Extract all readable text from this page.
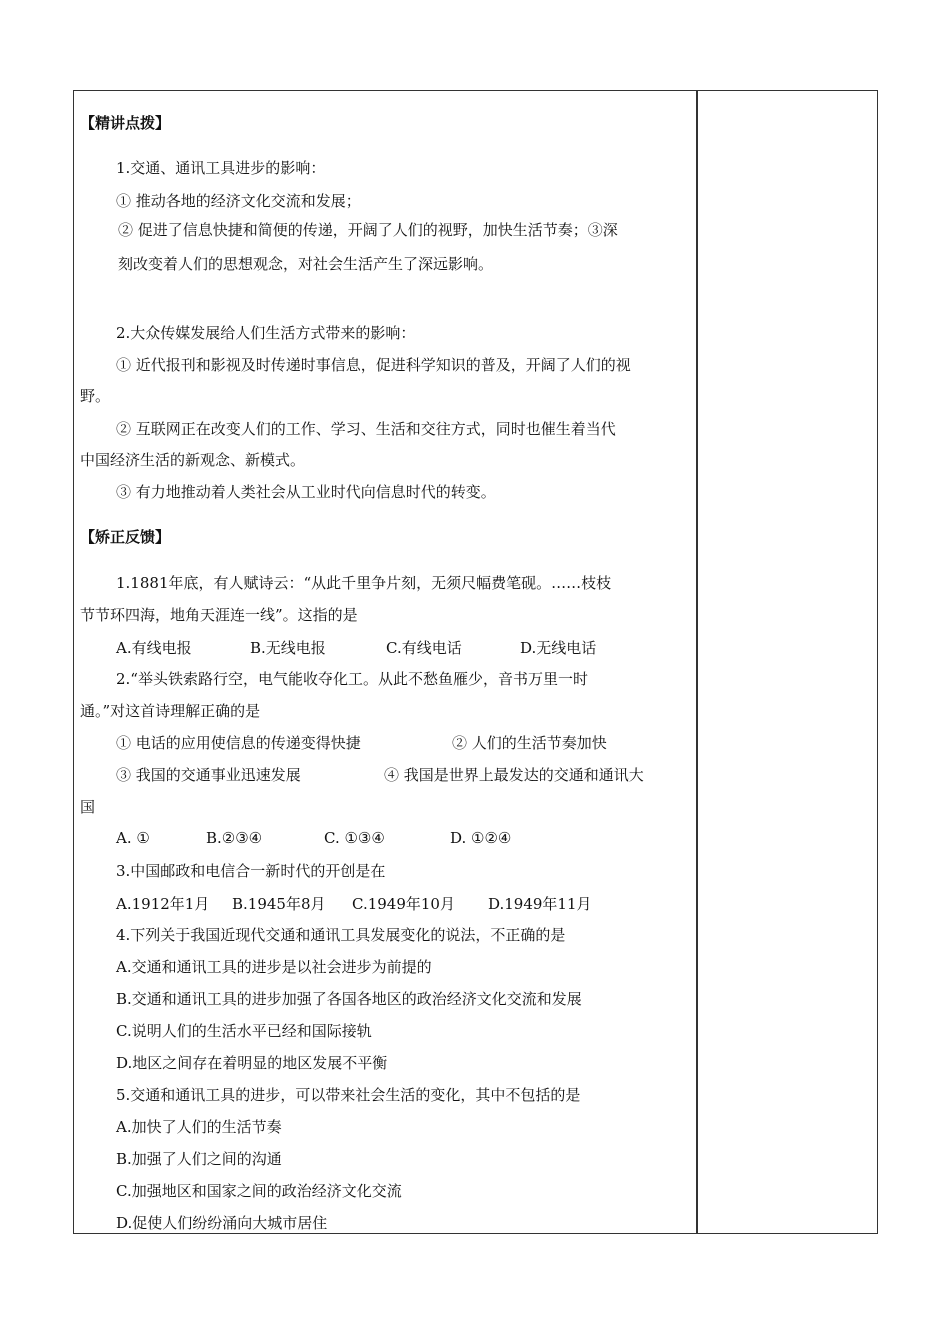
【精讲点拨】
1.交通、通讯工具进步的影响：
① 推动各地的经济文化交流和发展；
② 促进了信息快捷和简便的传递，开阔了人们的视野，加快生活节奏；③深
刻改变着人们的思想观念，对社会生活产生了深远影响。
2.大众传媒发展给人们生活方式带来的影响：
① 近代报刊和影视及时传递时事信息，促进科学知识的普及，开阔了人们的视
野。
② 互联网正在改变人们的工作、学习、生活和交往方式，同时也催生着当代
中国经济生活的新观念、新模式。
③ 有力地推动着人类社会从工业时代向信息时代的转变。
【矫正反馈】
1.1881年底，有人赋诗云：“从此千里争片刻，无须尺幅费笔砚。……枝枝
节节环四海，地角天涯连一线”。这指的是
A.有线电报	B.无线电报	C.有线电话	D.无线电话
2.“举头铁索路行空，电气能收夺化工。从此不愁鱼雁少，音书万里一时
通。”对这首诗理解正确的是
① 电话的应用使信息的传递变得快捷	② 人们的生活节奏加快
③ 我国的交通事业迅速发展	④ 我国是世界上最发达的交通和通讯大
国
A. ①	B.②③④	C. ①③④	D. ①②④
3.中国邮政和电信合一新时代的开创是在
A.1912年1月 B.1945年8月 C.1949年10月 D.1949年11月
4.下列关于我国近现代交通和通讯工具发展变化的说法，不正确的是
A.交通和通讯工具的进步是以社会进步为前提的
B.交通和通讯工具的进步加强了各国各地区的政治经济文化交流和发展
C.说明人们的生活水平已经和国际接轨
D.地区之间存在着明显的地区发展不平衡
5.交通和通讯工具的进步，可以带来社会生活的变化，其中不包括的是
A.加快了人们的生活节奏
B.加强了人们之间的沟通
C.加强地区和国家之间的政治经济文化交流
D.促使人们纷纷涌向大城市居住
